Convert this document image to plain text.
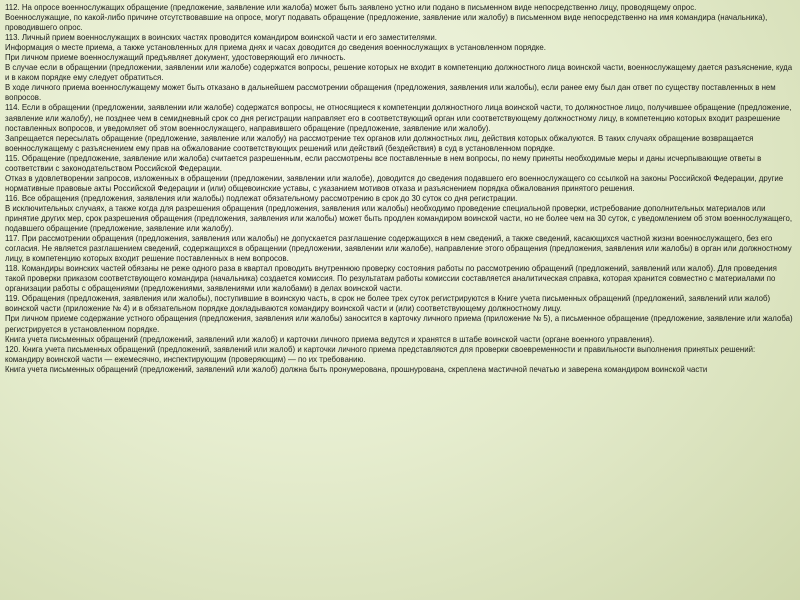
112. На опросе военнослужащих обращение (предложение, заявление или жалоба) может быть заявлено устно или подано в письменном виде непосредственно лицу, проводящему опрос.

Военнослужащие, по какой-либо причине отсутствовавшие на опросе, могут подавать обращение (предложение, заявление или жалобу) в письменном виде непосредственно на имя командира (начальника), проводившего опрос.

113. Личный прием военнослужащих в воинских частях проводится командиром воинской части и его заместителями.

Информация о месте приема, а также установленных для приема днях и часах доводится до сведения военнослужащих в установленном порядке.

При личном приеме военнослужащий предъявляет документ, удостоверяющий его личность.

В случае если в обращении (предложении, заявлении или жалобе) содержатся вопросы, решение которых не входит в компетенцию должностного лица воинской части, военнослужащему дается разъяснение, куда и в каком порядке ему следует обратиться.

В ходе личного приема военнослужащему может быть отказано в дальнейшем рассмотрении обращения (предложения, заявления или жалобы), если ранее ему был дан ответ по существу поставленных в нем вопросов.

114. Если в обращении (предложении, заявлении или жалобе) содержатся вопросы, не относящиеся к компетенции должностного лица воинской части, то должностное лицо, получившее обращение (предложение, заявление или жалобу), не позднее чем в семидневный срок со дня регистрации направляет его в соответствующий орган или соответствующему должностному лицу, в компетенцию которых входит разрешение поставленных вопросов, и уведомляет об этом военнослужащего, направившего обращение (предложение, заявление или жалобу).

Запрещается пересылать обращение (предложение, заявление или жалобу) на рассмотрение тех органов или должностных лиц, действия которых обжалуются. В таких случаях обращение возвращается военнослужащему с разъяснением ему прав на обжалование соответствующих решений или действий (бездействия) в суд в установленном порядке.

115. Обращение (предложение, заявление или жалоба) считается разрешенным, если рассмотрены все поставленные в нем вопросы, по нему приняты необходимые меры и даны исчерпывающие ответы в соответствии с законодательством Российской Федерации.

Отказ в удовлетворении запросов, изложенных в обращении (предложении, заявлении или жалобе), доводится до сведения подавшего его военнослужащего со ссылкой на законы Российской Федерации, другие нормативные правовые акты Российской Федерации и (или) общевоинские уставы, с указанием мотивов отказа и разъяснением порядка обжалования принятого решения.

116. Все обращения (предложения, заявления или жалобы) подлежат обязательному рассмотрению в срок до 30 суток со дня регистрации.

В исключительных случаях, а также когда для разрешения обращения (предложения, заявления или жалобы) необходимо проведение специальной проверки, истребование дополнительных материалов или принятие других мер, срок разрешения обращения (предложения, заявления или жалобы) может быть продлен командиром воинской части, но не более чем на 30 суток, с уведомлением об этом военнослужащего, подавшего обращение (предложение, заявление или жалобу).

117. При рассмотрении обращения (предложения, заявления или жалобы) не допускается разглашение содержащихся в нем сведений, а также сведений, касающихся частной жизни военнослужащего, без его согласия. Не является разглашением сведений, содержащихся в обращении (предложении, заявлении или жалобе), направление этого обращения (предложения, заявления или жалобы) в орган или должностному лицу, в компетенцию которых входит решение поставленных в нем вопросов.

118. Командиры воинских частей обязаны не реже одного раза в квартал проводить внутреннюю проверку состояния работы по рассмотрению обращений (предложений, заявлений или жалоб). Для проведения такой проверки приказом соответствующего командира (начальника) создается комиссия. По результатам работы комиссии составляется аналитическая справка, которая хранится совместно с материалами по организации работы с обращениями (предложениями, заявлениями или жалобами) в делах воинской части.

119. Обращения (предложения, заявления или жалобы), поступившие в воинскую часть, в срок не более трех суток регистрируются в Книге учета письменных обращений (предложений, заявлений или жалоб) воинской части (приложение № 4) и в обязательном порядке докладываются командиру воинской части и (или) соответствующему должностному лицу.

При личном приеме содержание устного обращения (предложения, заявления или жалобы) заносится в карточку личного приема (приложение № 5), а письменное обращение (предложение, заявление или жалоба) регистрируется в установленном порядке.

Книга учета письменных обращений (предложений, заявлений или жалоб) и карточки личного приема ведутся и хранятся в штабе воинской части (органе военного управления).

120. Книга учета письменных обращений (предложений, заявлений или жалоб) и карточки личного приема представляются для проверки своевременности и правильности выполнения принятых решений: командиру воинской части — ежемесячно, инспектирующим (проверяющим) — по их требованию.

Книга учета письменных обращений (предложений, заявлений или жалоб) должна быть пронумерована, прошнурована, скреплена мастичной печатью и заверена командиром воинской части
